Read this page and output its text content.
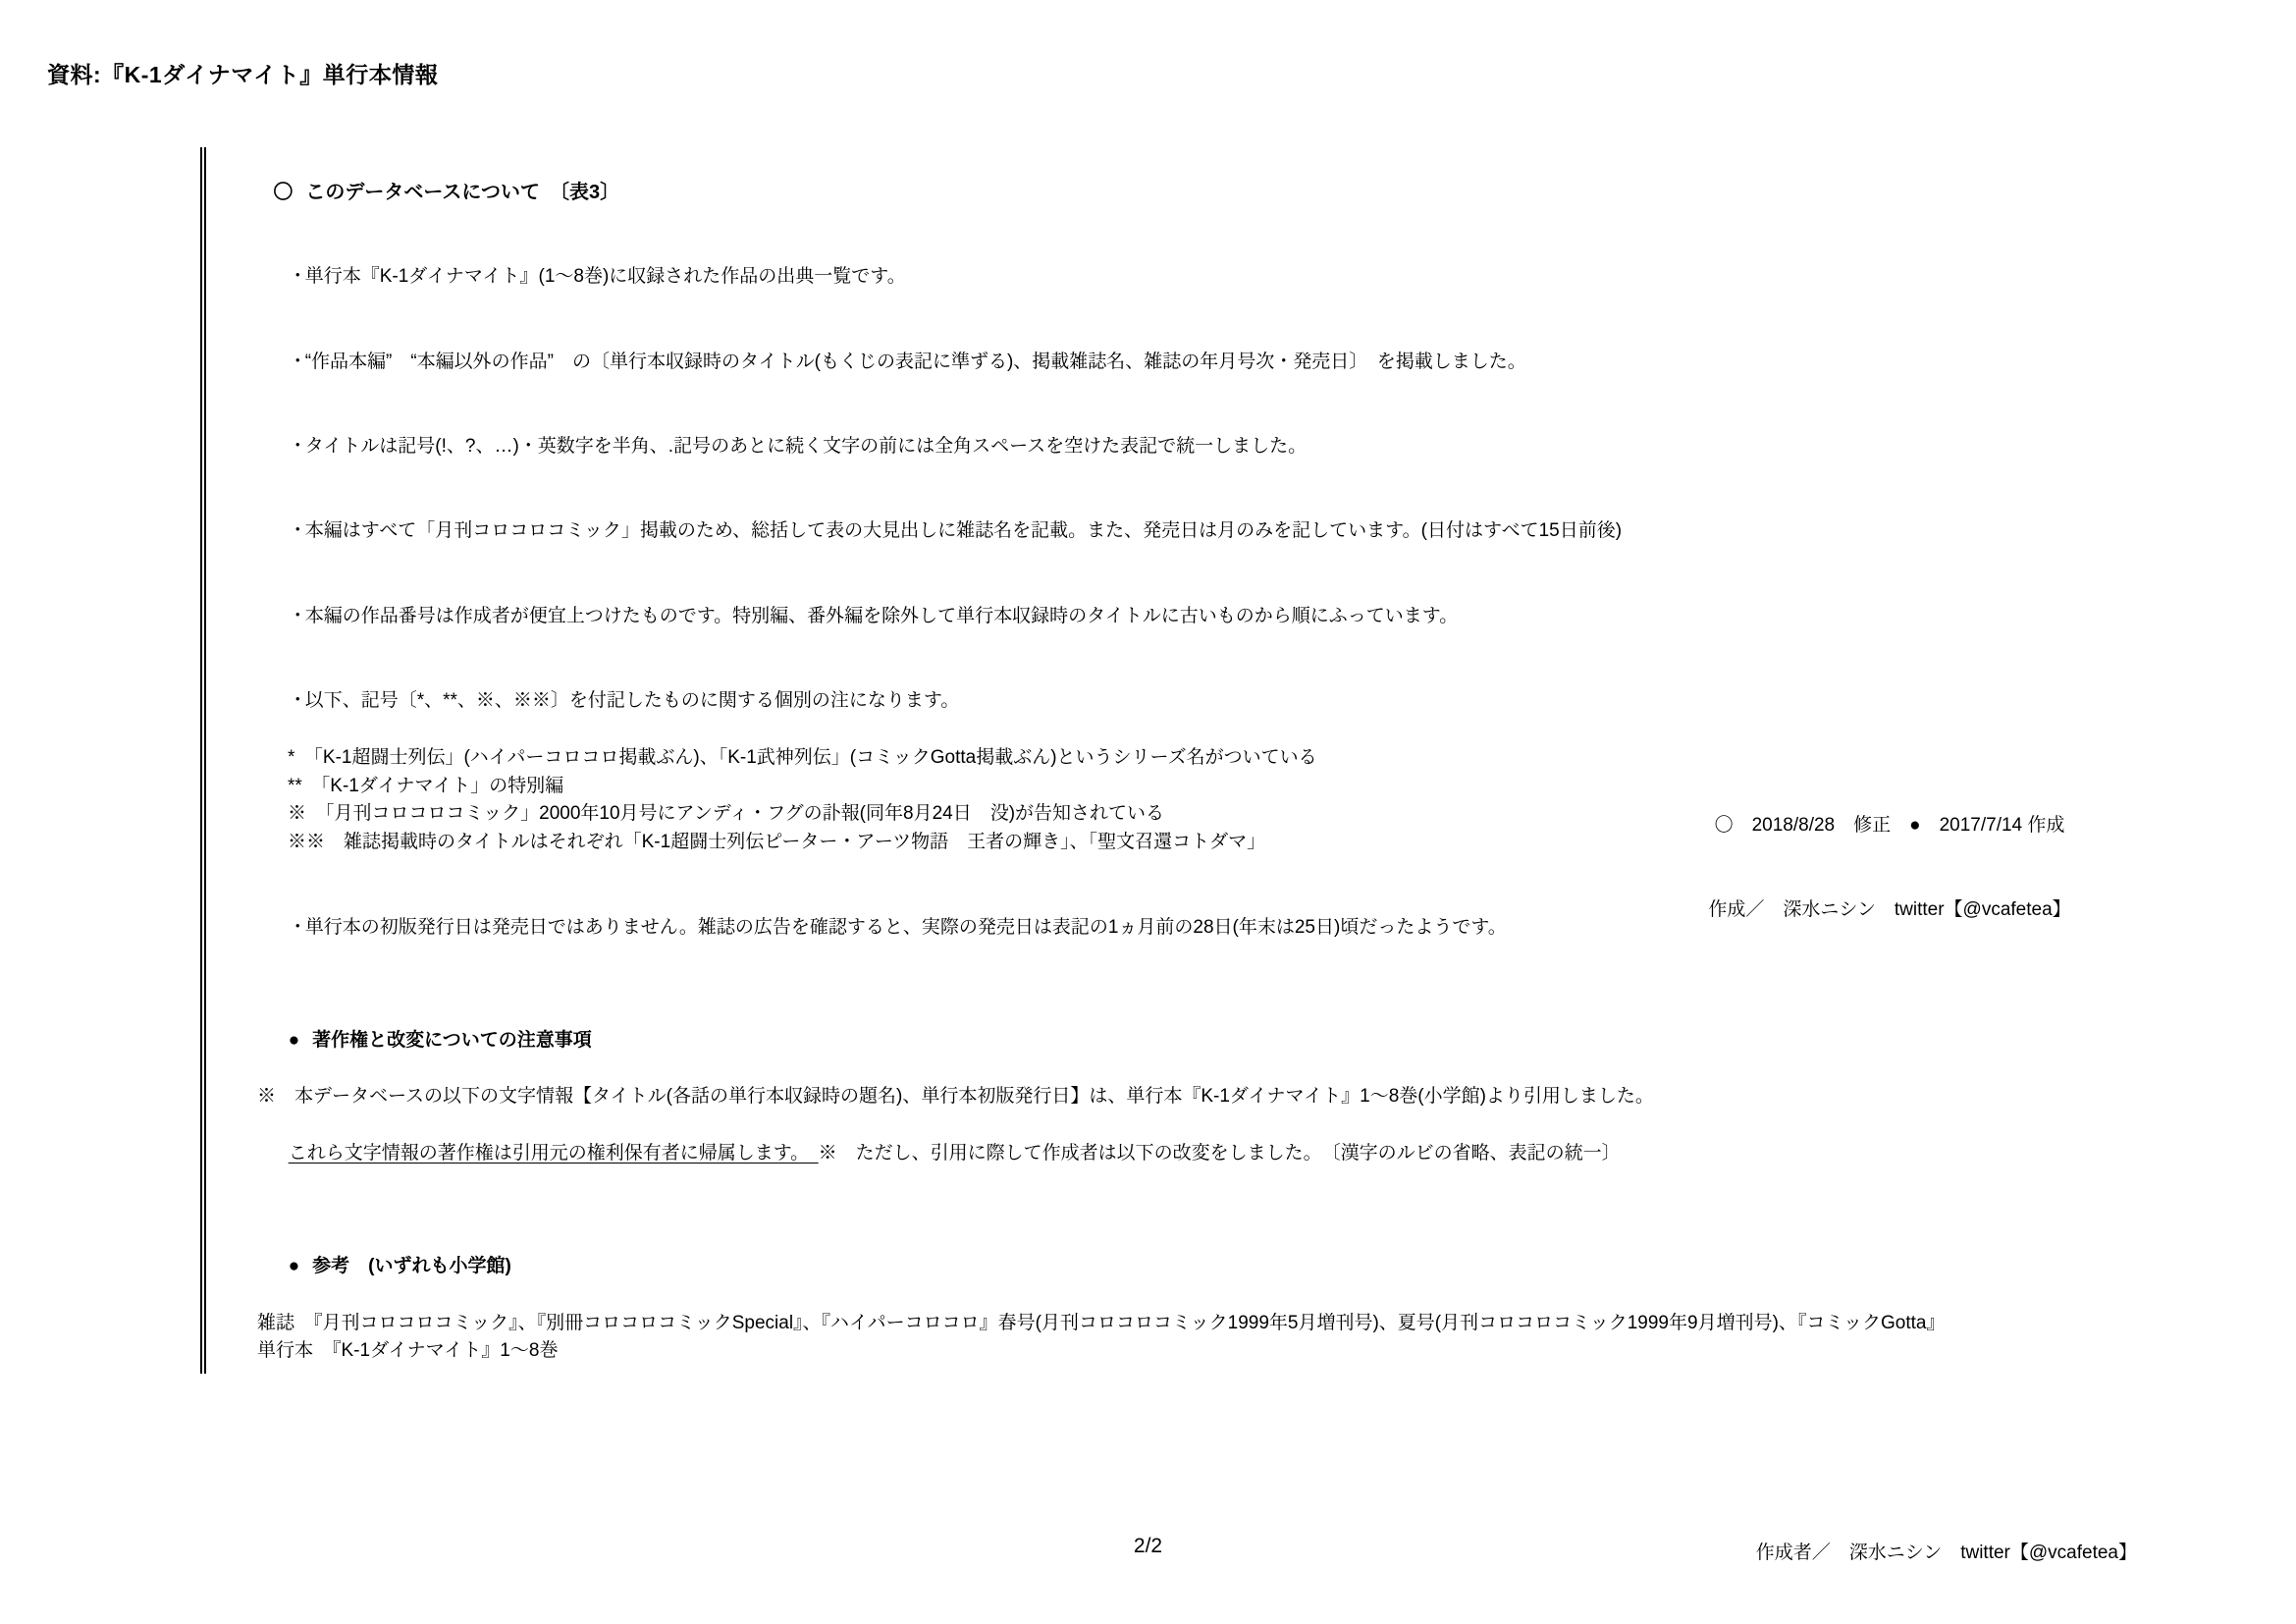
資料:『K-1ダイナマイト』単行本情報

〇 このデータベースについて　〔表3〕

・単行本『K-1ダイナマイト』(1〜8巻)に収録された作品の出典一覧です。

・“作品本編”　“本編以外の作品”　の〔単行本収録時のタイトル(もくじの表記に準ずる)、掲載雑誌名、雑誌の年月号次・発売日〕　を掲載しました。

・タイトルは記号(!、?、…)・英数字を半角、.記号のあとに続く文字の前には全角スペースを空けた表記で統一しました。

・本編はすべて「月刊コロコロコミック」掲載のため、総括して表の大見出しに雑誌名を記載。また、発売日は月のみを記しています。(日付はすべて15日前後)

・本編の作品番号は作成者が便宜上つけたものです。特別編、番外編を除外して単行本収録時のタイトルに古いものから順にふっています。

・以下、記号〔*、**、※、※※〕を付記したものに関する個別の注になります。

*　「K-1超闘士列伝」(ハイパーコロコロ掲載ぶん)、「K-1武神列伝」(コミックGotta掲載ぶん)というシリーズ名がついている
**　「K-1ダイナマイト」の特別編
※　「月刊コロコロコミック」2000年10月号にアンディ・フグの訃報(同年8月24日　没)が告知されている
※※　雑誌掲載時のタイトルはそれぞれ「K-1超闘士列伝ピーター・アーツ物語　王者の輝き」、「聖文召還コトダマ」

・単行本の初版発行日は発売日ではありません。雑誌の広告を確認すると、実際の発売日は表記の1ヵ月前の28日(年末は25日)頃だったようです。

● 著作権と改変についての注意事項

※　本データベースの以下の文字情報【タイトル(各話の単行本収録時の題名)、単行本初版発行日】は、単行本『K-1ダイナマイト』1〜8巻(小学館)より引用しました。

これら文字情報の著作権は引用元の権利保有者に帰属します。　※　ただし、引用に際して作成者は以下の改変をしました。　〔漢字のルビの省略、表記の統一〕

● 参考　(いずれも小学館)

雑誌　『月刊コロコロコミック』、『別冊コロコロコミックSpecial』、『ハイパーコロコロ』春号(月刊コロコロコミック1999年5月増刊号)、夏号(月刊コロコロコミック1999年9月増刊号)、『コミックGotta』
単行本　『K-1ダイナマイト』1〜8巻

〇　2018/8/28　修正　●　2017/7/14 作成

作成／　深水ニシン　twitter【@vcafetea】

2/2	作成者／　深水ニシン　twitter【@vcafetea】
